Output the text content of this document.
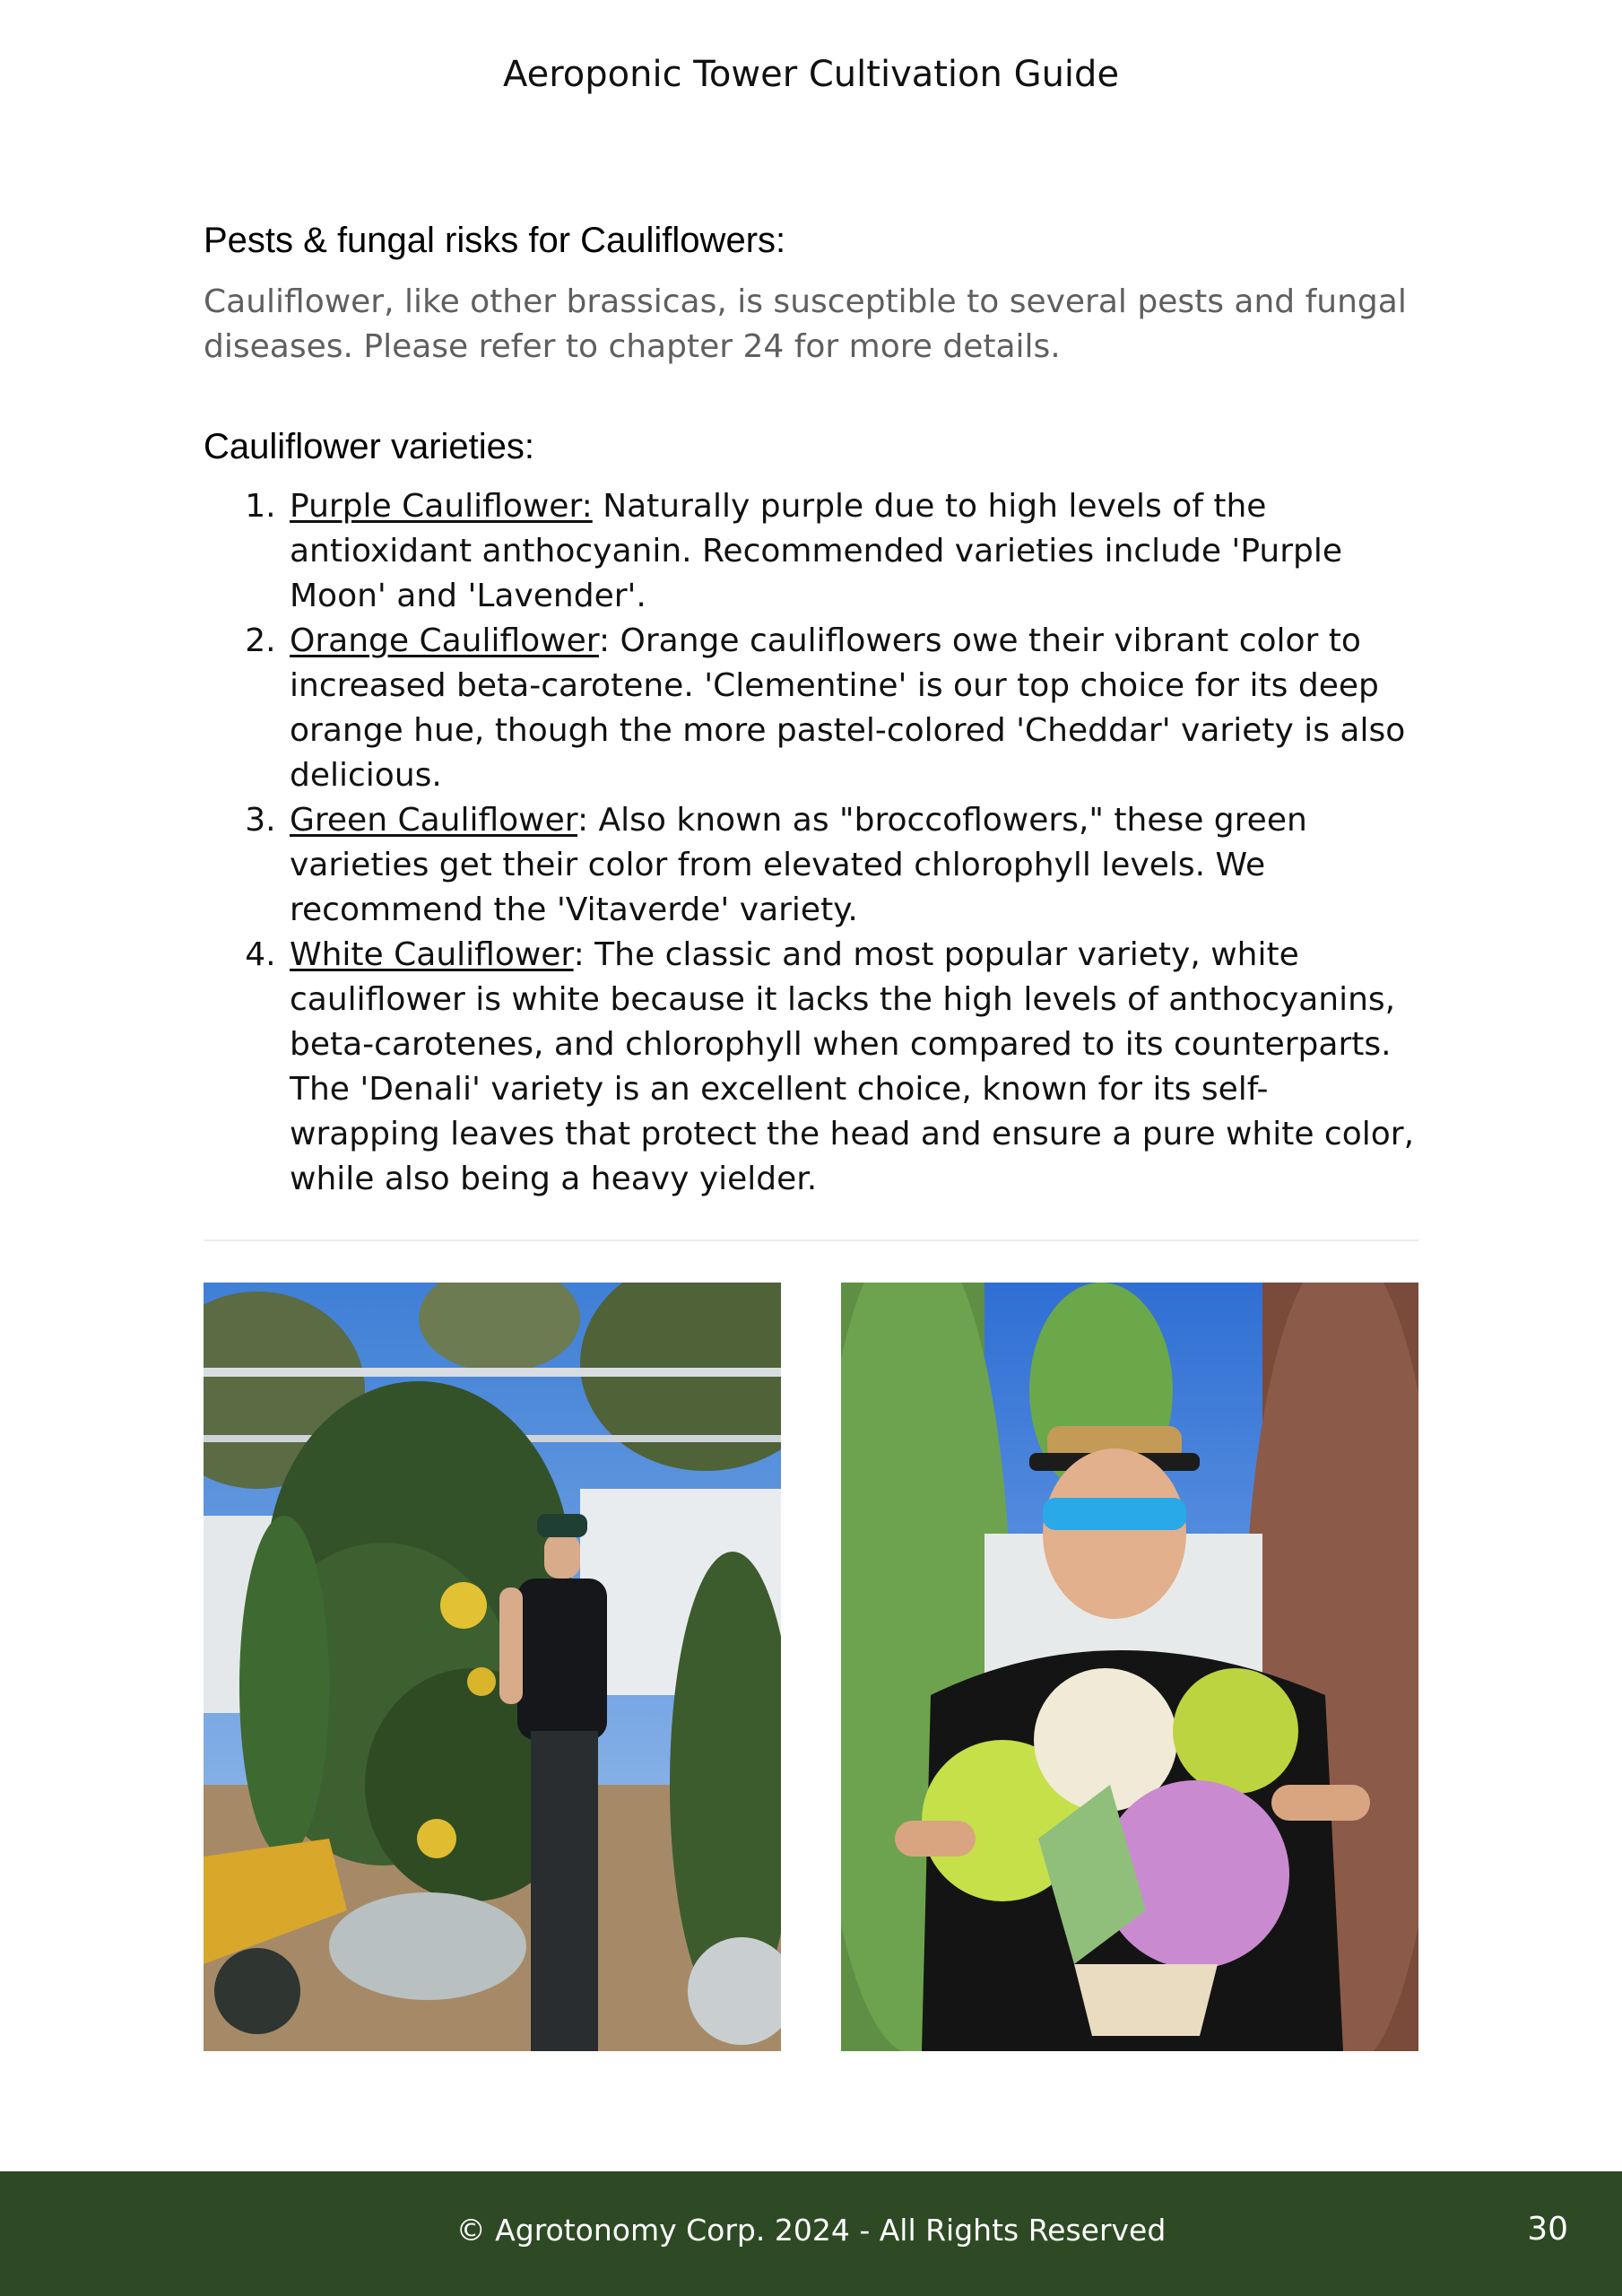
Aeroponic Tower Cultivation Guide
Pests & fungal risks for Cauliflowers:

Cauliflower, like other brassicas, is susceptible to several pests and fungal diseases. Please refer to chapter 24 for more details.

Cauliflower varieties:
1. Purple Cauliflower: Naturally purple due to high levels of the antioxidant anthocyanin. Recommended varieties include 'Purple Moon' and 'Lavender'.
2. Orange Cauliflower: Orange cauliflowers owe their vibrant color to increased beta-carotene. 'Clementine' is our top choice for its deep orange hue, though the more pastel-colored 'Cheddar' variety is also delicious.
3. Green Cauliflower: Also known as "broccoflowers," these green varieties get their color from elevated chlorophyll levels. We recommend the 'Vitaverde' variety.
4. White Cauliflower: The classic and most popular variety, white cauliflower is white because it lacks the high levels of anthocyanins, beta-carotenes, and chlorophyll when compared to its counterparts. The 'Denali' variety is an excellent choice, known for its self-wrapping leaves that protect the head and ensure a pure white color, while also being a heavy yielder.
© Agrotonomy Corp. 2024 - All Rights Reserved	30
